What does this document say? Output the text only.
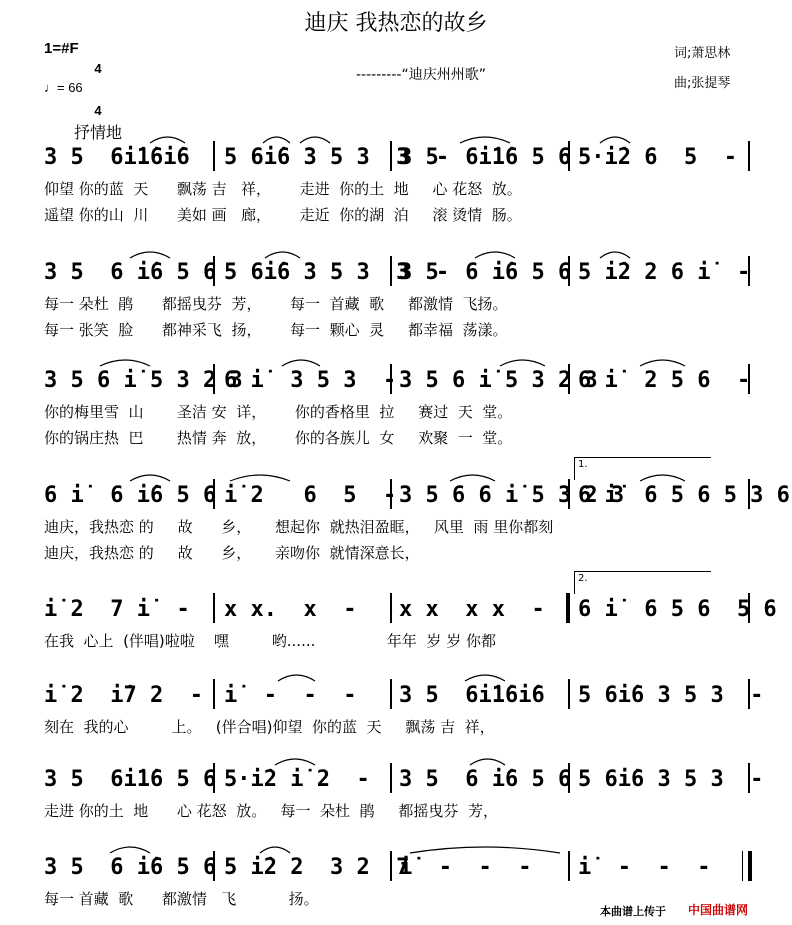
迪庆 我热恋的故乡
1=#F

4

4

♩= 66
---------“迪庆州州歌”
词;萧思林
曲;张提琴
抒情地
3 5  6i̇1̇6i̇6 5 6i̇6 3 5 3  3  -
3 5  6i̇1̇6 5 6 5·i̇2 6  5  -
仰望 你的蓝  天      飘荡 吉   祥，      走进  你的土  地     心 花怒  放。
遥望 你的山  川      美如 画   廊，      走近  你的湖  泊     滚 烫情  肠。
3 5  6 i̇6 5 6 5 6i̇6 3 5 3  3  -
3 5  6 i̇6 5 6 5 i̇2 2 6 i̇  -
每一 朵杜  鹃      都摇曳芬  芳，      每一  首藏  歌     都激情  飞扬。
每一 张笑  脸      都神采飞  扬，      每一  颗心  灵     都幸福  荡漾。
3 5 6 i̇ 5 3 2 3
6 i̇  3 5 3  - 3 5 6 i̇ 5 3 2 3
6 i̇  2 5 6  -
你的梅里雪  山       圣洁 安  详，      你的香格里  拉     赛过  天  堂。
你的锅庄热  巴       热情 奔  放，      你的各族儿  女     欢聚  一  堂。
6 i̇  6 i̇6 5 6 i̇ 2   6  5  - 3 5 6 6 i̇ 5 3 2 3
6 i̇  6 5 6 5 3 6
迪庆，我热恋 的     故      乡，     想起你  就热泪盈眶，   风里  雨 里你都刻
迪庆，我热恋 的     故      乡，     亲吻你  就情深意长，
1.
i̇ 2  7 i̇  - x x.  x  - x x  x x  - 6 i̇  6 5 6  5 6
在我  心上  (伴唱)啦啦    嘿         哟......               年年  岁 岁 你都
2.
i̇ 2  i̇7 2  - i̇  -  -  - 3 5  6i̇1̇6i̇6 5 6i̇6 3 5 3  -
刻在  我的心         上。   (伴合唱)仰望  你的蓝  天     飘荡 吉  祥，
3 5  6i̇1̇6 5 6 5·i̇2 i̇ 2  - 3 5  6 i̇6 5 6 5 6i̇6 3 5 3  -
走进 你的土  地      心 花怒  放。   每一  朵杜  鹃     都摇曳芬  芳，
3 5  6 i̇6 5 6 5 i̇2 2  3 2  7
i̇  -  -  - i̇  -  -  -
每一 首藏  歌      都激情   飞           扬。
本曲谱上传于 中国曲谱网
